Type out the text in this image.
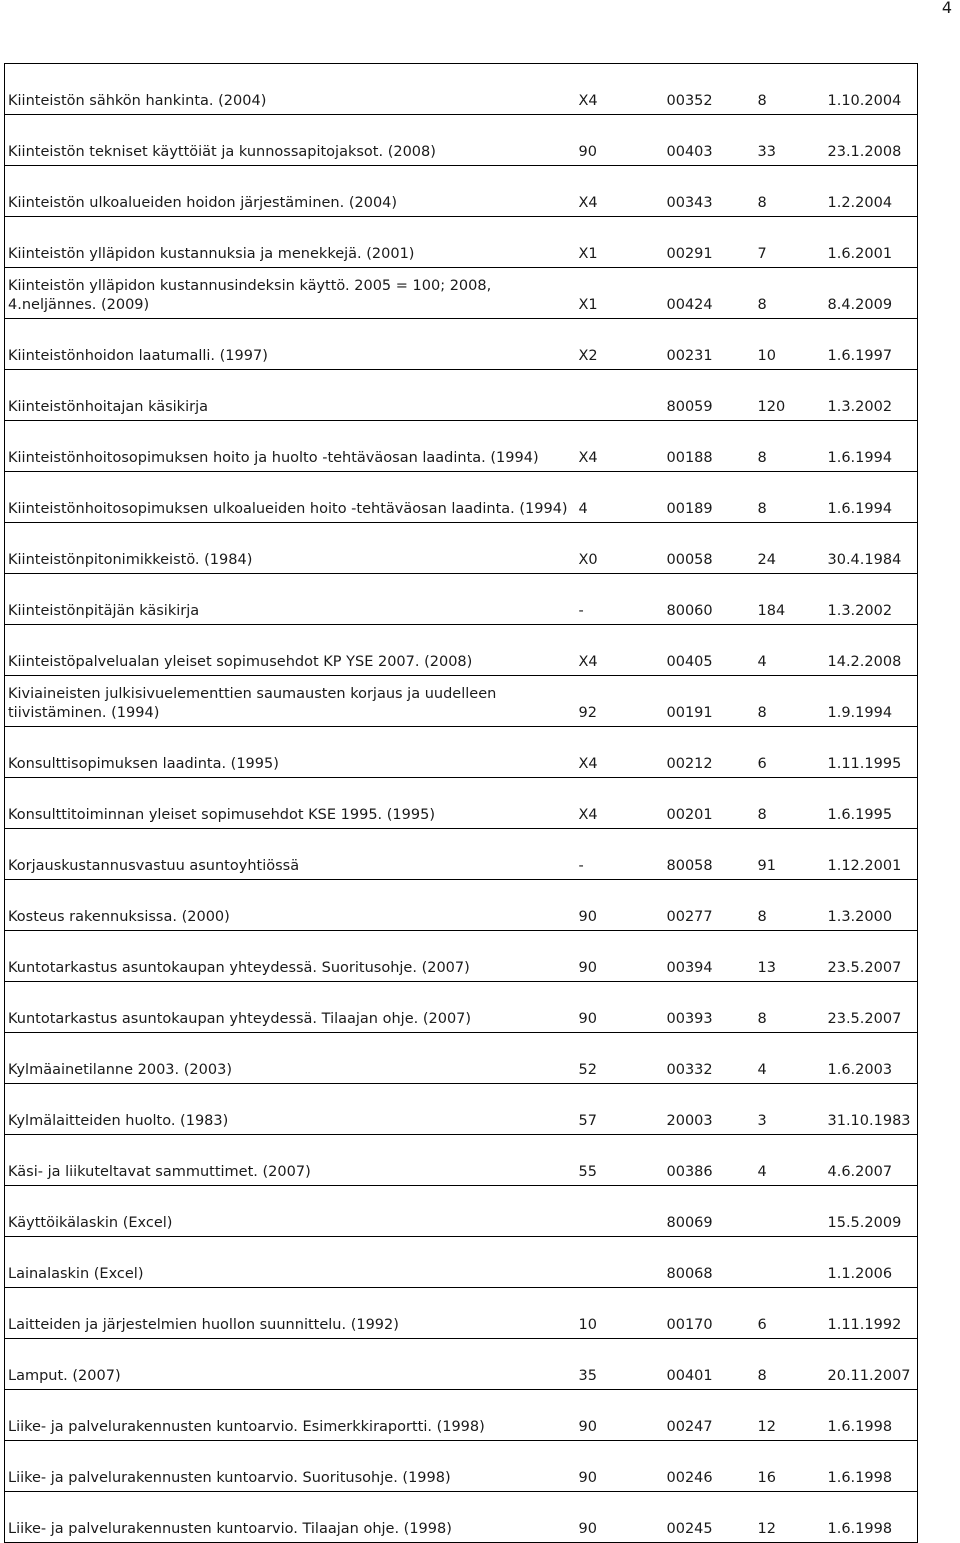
4
Kiinteistön sähkön hankinta. (2004)	X4	00352	8	1.10.2004
Kiinteistön tekniset käyttöiät ja kunnossapitojaksot. (2008)	90	00403	33	23.1.2008
Kiinteistön ulkoalueiden hoidon järjestäminen. (2004)	X4	00343	8	1.2.2004
Kiinteistön ylläpidon kustannuksia ja menekkejä. (2001)	X1	00291	7	1.6.2001
Kiinteistön ylläpidon kustannusindeksin käyttö. 2005 = 100; 2008, 4.neljännes. (2009)	X1	00424	8	8.4.2009
Kiinteistönhoidon laatumalli. (1997)	X2	00231	10	1.6.1997
Kiinteistönhoitajan käsikirja		80059	120	1.3.2002
Kiinteistönhoitosopimuksen hoito ja huolto -tehtäväosan laadinta. (1994)	X4	00188	8	1.6.1994
Kiinteistönhoitosopimuksen ulkoalueiden hoito -tehtäväosan laadinta. (1994)	4	00189	8	1.6.1994
Kiinteistönpitonimikkeistö. (1984)	X0	00058	24	30.4.1984
Kiinteistönpitäjän käsikirja	-	80060	184	1.3.2002
Kiinteistöpalvelualan yleiset sopimusehdot KP YSE 2007. (2008)	X4	00405	4	14.2.2008
Kiviaineisten julkisivuelementtien saumausten korjaus ja uudelleen tiivistäminen. (1994)	92	00191	8	1.9.1994
Konsulttisopimuksen laadinta. (1995)	X4	00212	6	1.11.1995
Konsulttitoiminnan yleiset sopimusehdot KSE 1995. (1995)	X4	00201	8	1.6.1995
Korjauskustannusvastuu asuntoyhtiössä	-	80058	91	1.12.2001
Kosteus rakennuksissa. (2000)	90	00277	8	1.3.2000
Kuntotarkastus asuntokaupan yhteydessä. Suoritusohje. (2007)	90	00394	13	23.5.2007
Kuntotarkastus asuntokaupan yhteydessä. Tilaajan ohje. (2007)	90	00393	8	23.5.2007
Kylmäainetilanne 2003. (2003)	52	00332	4	1.6.2003
Kylmälaitteiden huolto. (1983)	57	20003	3	31.10.1983
Käsi- ja liikuteltavat sammuttimet. (2007)	55	00386	4	4.6.2007
Käyttöikälaskin (Excel)		80069		15.5.2009
Lainalaskin (Excel)		80068		1.1.2006
Laitteiden ja järjestelmien huollon suunnittelu. (1992)	10	00170	6	1.11.1992
Lamput. (2007)	35	00401	8	20.11.2007
Liike- ja palvelurakennusten kuntoarvio. Esimerkkiraportti. (1998)	90	00247	12	1.6.1998
Liike- ja palvelurakennusten kuntoarvio. Suoritusohje. (1998)	90	00246	16	1.6.1998
Liike- ja palvelurakennusten kuntoarvio. Tilaajan ohje. (1998)	90	00245	12	1.6.1998
